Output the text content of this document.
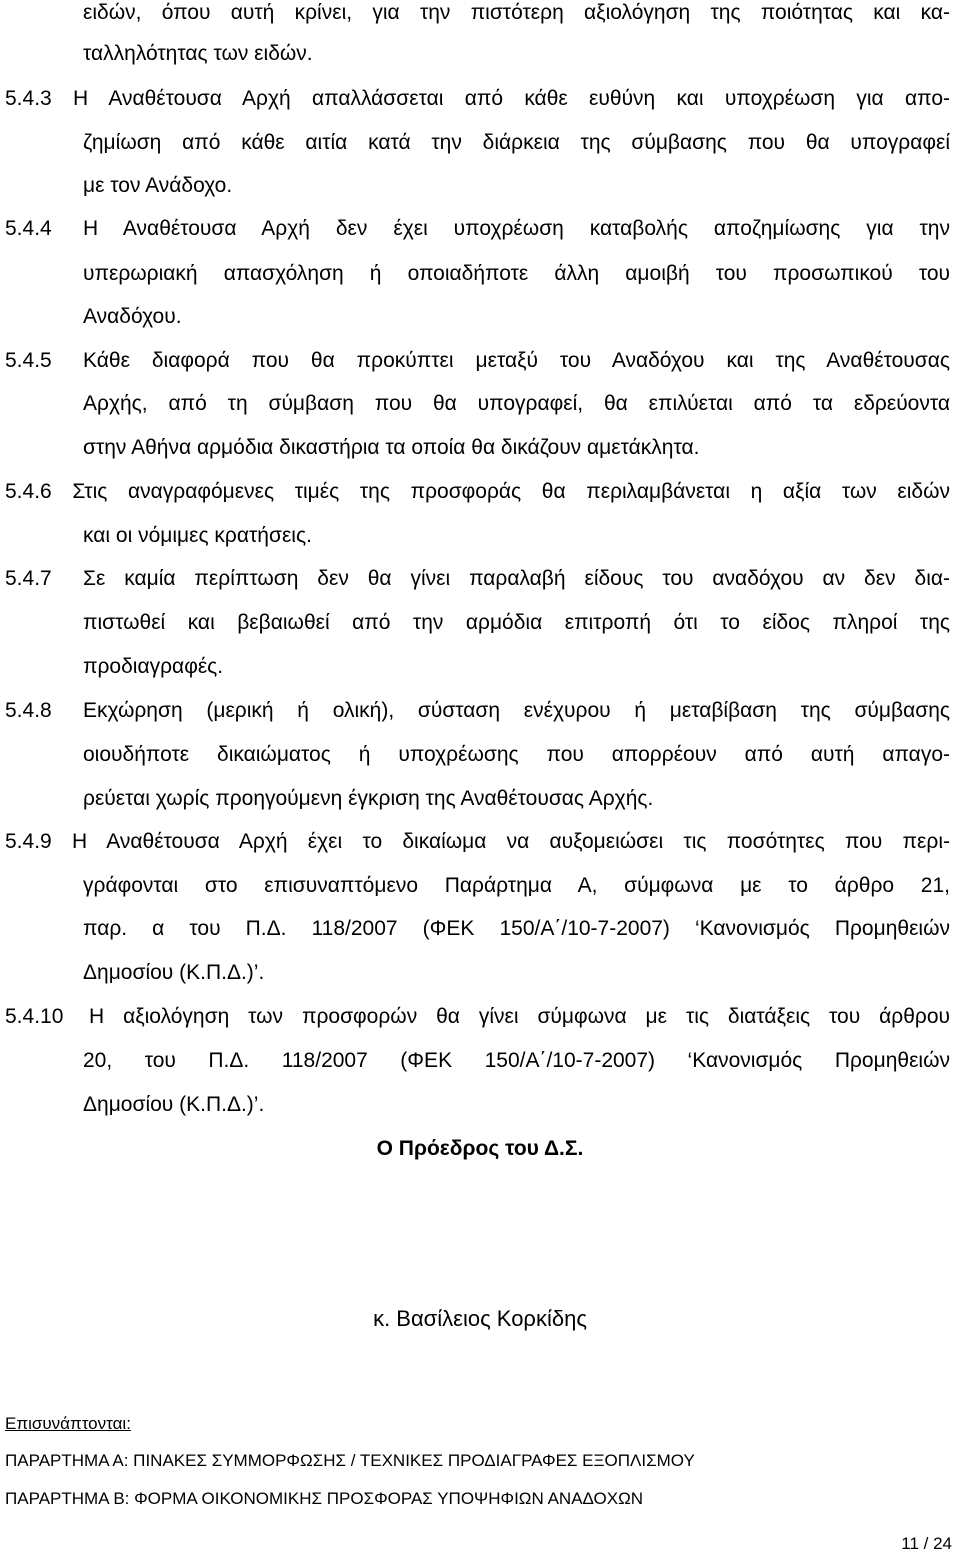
ειδών, όπου αυτή κρίνει, για την πιστότερη αξιολόγηση της ποιότητας και κα-
ταλληλότητας των ειδών.
5.4.3 Η Αναθέτουσα Αρχή απαλλάσσεται από κάθε ευθύνη και υποχρέωση για απο-
ζημίωση από κάθε αιτία κατά την διάρκεια της σύμβασης που θα υπογραφεί
με τον Ανάδοχο.
5.4.4 Η Αναθέτουσα Αρχή δεν έχει υποχρέωση καταβολής αποζημίωσης για την
υπερωριακή απασχόληση ή οποιαδήποτε άλλη αμοιβή του προσωπικού του
Αναδόχου.
5.4.5 Κάθε διαφορά που θα προκύπτει μεταξύ του Αναδόχου και της Αναθέτουσας
Αρχής, από τη σύμβαση που θα υπογραφεί, θα επιλύεται από τα εδρεύοντα
στην Αθήνα αρμόδια δικαστήρια τα οποία θα δικάζουν αμετάκλητα.
5.4.6 Στις αναγραφόμενες τιμές της προσφοράς θα περιλαμβάνεται η αξία των ειδών
και οι νόμιμες κρατήσεις.
5.4.7 Σε καμία περίπτωση δεν θα γίνει παραλαβή είδους του αναδόχου αν δεν δια-
πιστωθεί και βεβαιωθεί από την αρμόδια επιτροπή ότι το είδος πληροί της
προδιαγραφές.
5.4.8 Εκχώρηση (μερική ή ολική), σύσταση ενέχυρου ή μεταβίβαση της σύμβασης
οιουδήποτε δικαιώματος ή υποχρέωσης που απορρέουν από αυτή απαγο-
ρεύεται χωρίς προηγούμενη έγκριση της Αναθέτουσας Αρχής.
5.4.9 Η Αναθέτουσα Αρχή έχει το δικαίωμα να αυξομειώσει τις ποσότητες που περι-
γράφονται στο επισυναπτόμενο Παράρτημα Α, σύμφωνα με το άρθρο 21,
παρ. α του Π.Δ. 118/2007 (ΦΕΚ 150/Α΄/10-7-2007) ‘Κανονισμός Προμηθειών
Δημοσίου (Κ.Π.Δ.)’.
5.4.10 Η αξιολόγηση των προσφορών θα γίνει σύμφωνα με τις διατάξεις του άρθρου
20, του Π.Δ. 118/2007 (ΦΕΚ 150/Α΄/10-7-2007) ‘Κανονισμός Προμηθειών
Δημοσίου (Κ.Π.Δ.)’.
Ο Πρόεδρος του Δ.Σ.
κ. Βασίλειος Κορκίδης
Επισυνάπτονται:
ΠΑΡΑΡΤΗΜΑ Α: ΠΙΝΑΚΕΣ ΣΥΜΜΟΡΦΩΣΗΣ / ΤΕΧΝΙΚΕΣ ΠΡΟΔΙΑΓΡΑΦΕΣ ΕΞΟΠΛΙΣΜΟΥ
ΠΑΡΑΡΤΗΜΑ Β: ΦΟΡΜΑ ΟΙΚΟΝΟΜΙΚΗΣ ΠΡΟΣΦΟΡΑΣ ΥΠΟΨΗΦΙΩΝ ΑΝΑΔΟΧΩΝ
11 / 24
